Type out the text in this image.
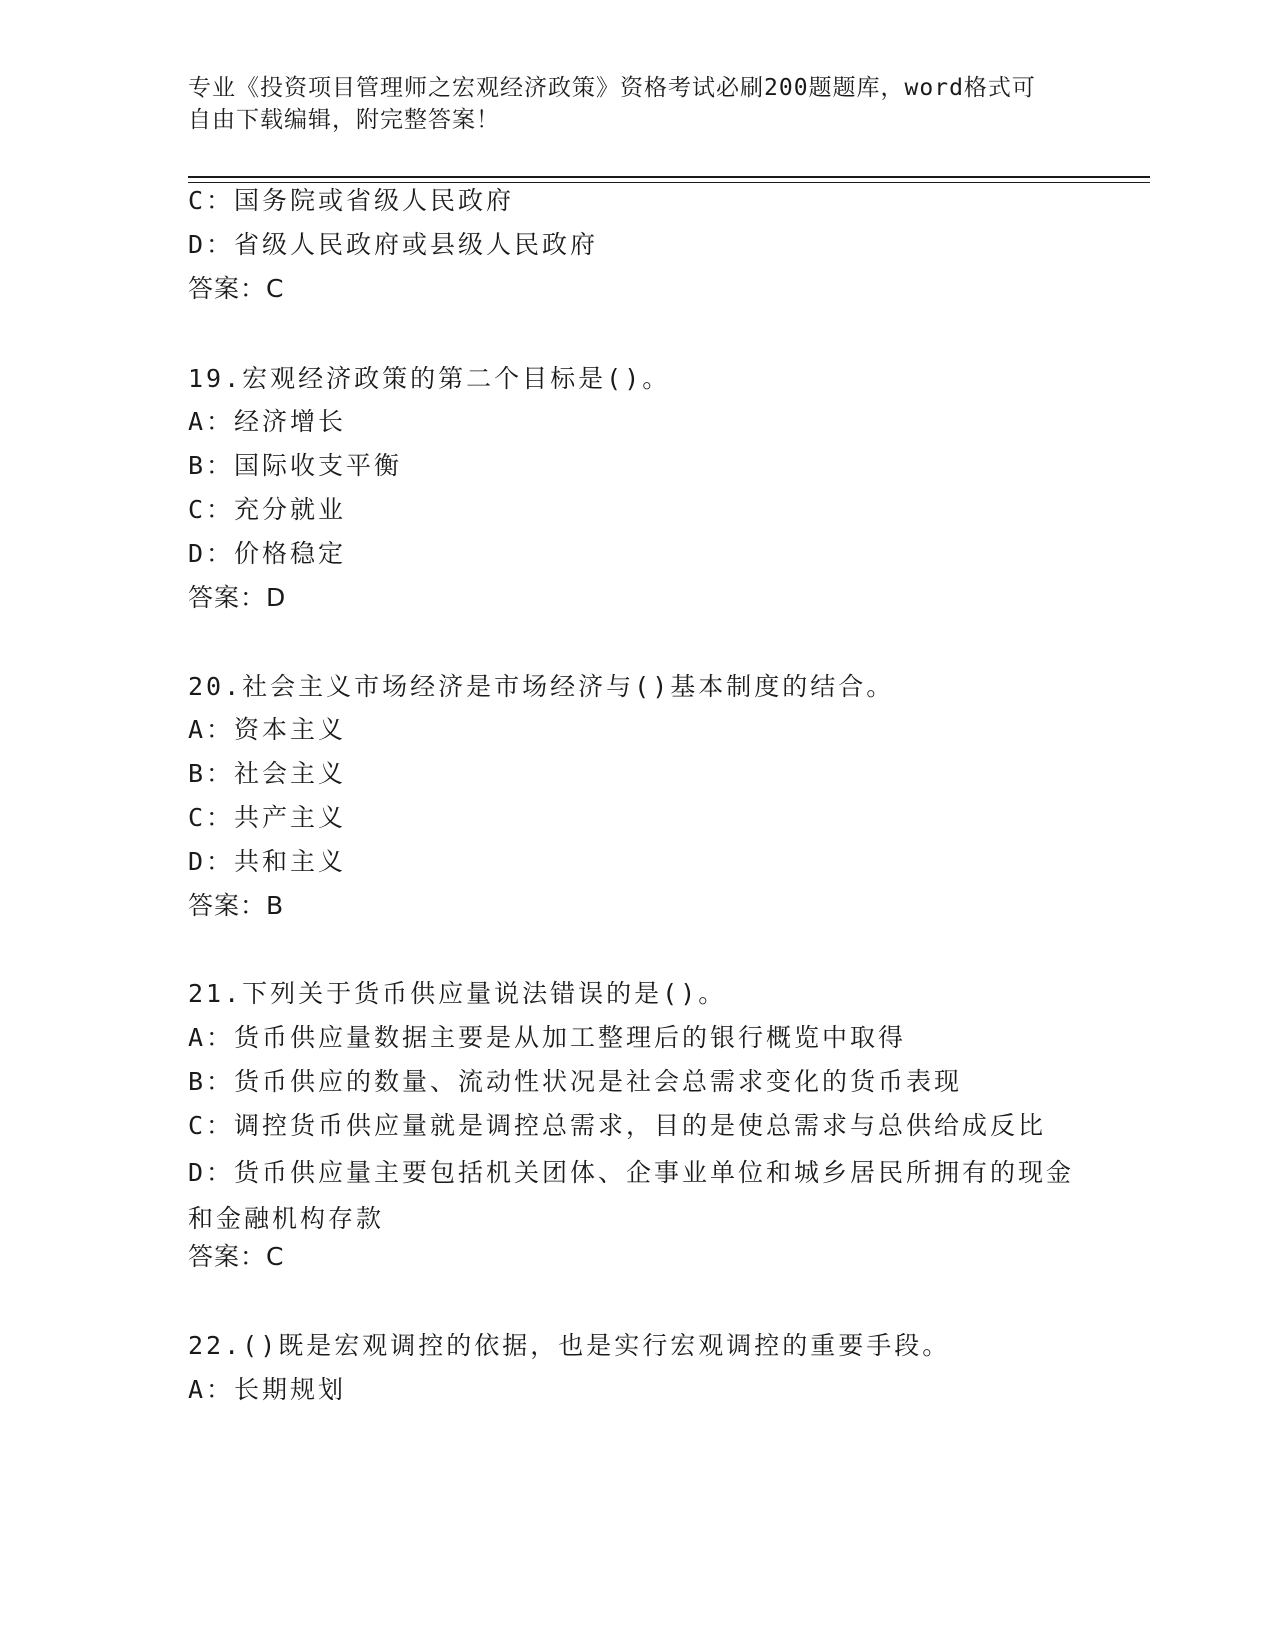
专业《投资项目管理师之宏观经济政策》资格考试必刷200题题库，word格式可
自由下载编辑，附完整答案！
C：国务院或省级人民政府
D：省级人民政府或县级人民政府
答案：C
19.宏观经济政策的第二个目标是()。
A：经济增长
B：国际收支平衡
C：充分就业
D：价格稳定
答案：D
20.社会主义市场经济是市场经济与()基本制度的结合。
A：资本主义
B：社会主义
C：共产主义
D：共和主义
答案：B
21.下列关于货币供应量说法错误的是()。
A：货币供应量数据主要是从加工整理后的银行概览中取得
B：货币供应的数量、流动性状况是社会总需求变化的货币表现
C：调控货币供应量就是调控总需求，目的是使总需求与总供给成反比
D：货币供应量主要包括机关团体、企事业单位和城乡居民所拥有的现金和金融机构存款
答案：C
22.()既是宏观调控的依据，也是实行宏观调控的重要手段。
A：长期规划
